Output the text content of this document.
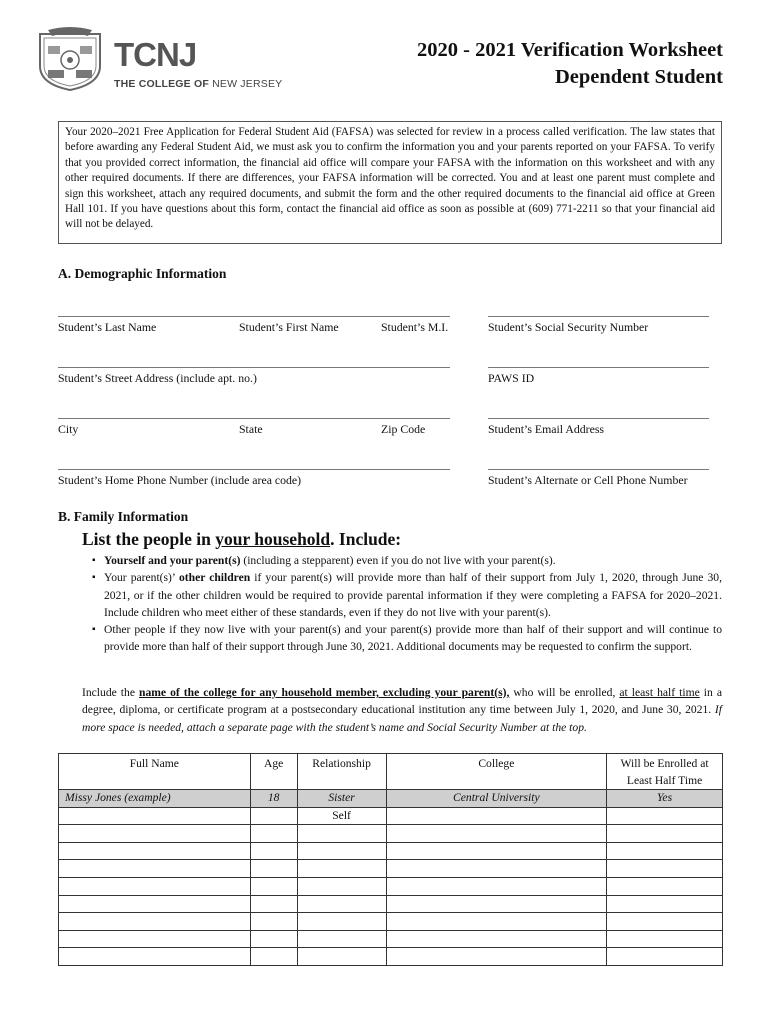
TCNJ
THE COLLEGE OF NEW JERSEY
2020 - 2021 Verification Worksheet
Dependent Student
Your 2020–2021 Free Application for Federal Student Aid (FAFSA) was selected for review in a process called verification. The law states that before awarding any Federal Student Aid, we must ask you to confirm the information you and your parents reported on your FAFSA. To verify that you provided correct information, the financial aid office will compare your FAFSA with the information on this worksheet and with any other required documents. If there are differences, your FAFSA information will be corrected. You and at least one parent must complete and sign this worksheet, attach any required documents, and submit the form and the other required documents to the financial aid office at Green Hall 101. If you have questions about this form, contact the financial aid office as soon as possible at (609) 771-2211 so that your financial aid will not be delayed.
A. Demographic Information
Student’s Last Name	Student’s First Name	Student’s M.I.	Student’s Social Security Number
Student’s Street Address (include apt. no.)	PAWS ID
City	State	Zip Code	Student’s Email Address
Student’s Home Phone Number (include area code)	Student’s Alternate or Cell Phone Number
B. Family Information
List the people in your household. Include:
▪ Yourself and your parent(s) (including a stepparent) even if you do not live with your parent(s).
▪ Your parent(s)’ other children if your parent(s) will provide more than half of their support from July 1, 2020, through June 30, 2021, or if the other children would be required to provide parental information if they were completing a FAFSA for 2020–2021. Include children who meet either of these standards, even if they do not live with your parent(s).
▪ Other people if they now live with your parent(s) and your parent(s) provide more than half of their support and will continue to provide more than half of their support through June 30, 2021. Additional documents may be requested to confirm the support.
Include the name of the college for any household member, excluding your parent(s), who will be enrolled, at least half time in a degree, diploma, or certificate program at a postsecondary educational institution any time between July 1, 2020, and June 30, 2021. If more space is needed, attach a separate page with the student’s name and Social Security Number at the top.
Full Name	Age	Relationship	College	Will be Enrolled at Least Half Time
Missy Jones (example)	18	Sister	Central University	Yes
		Self		
